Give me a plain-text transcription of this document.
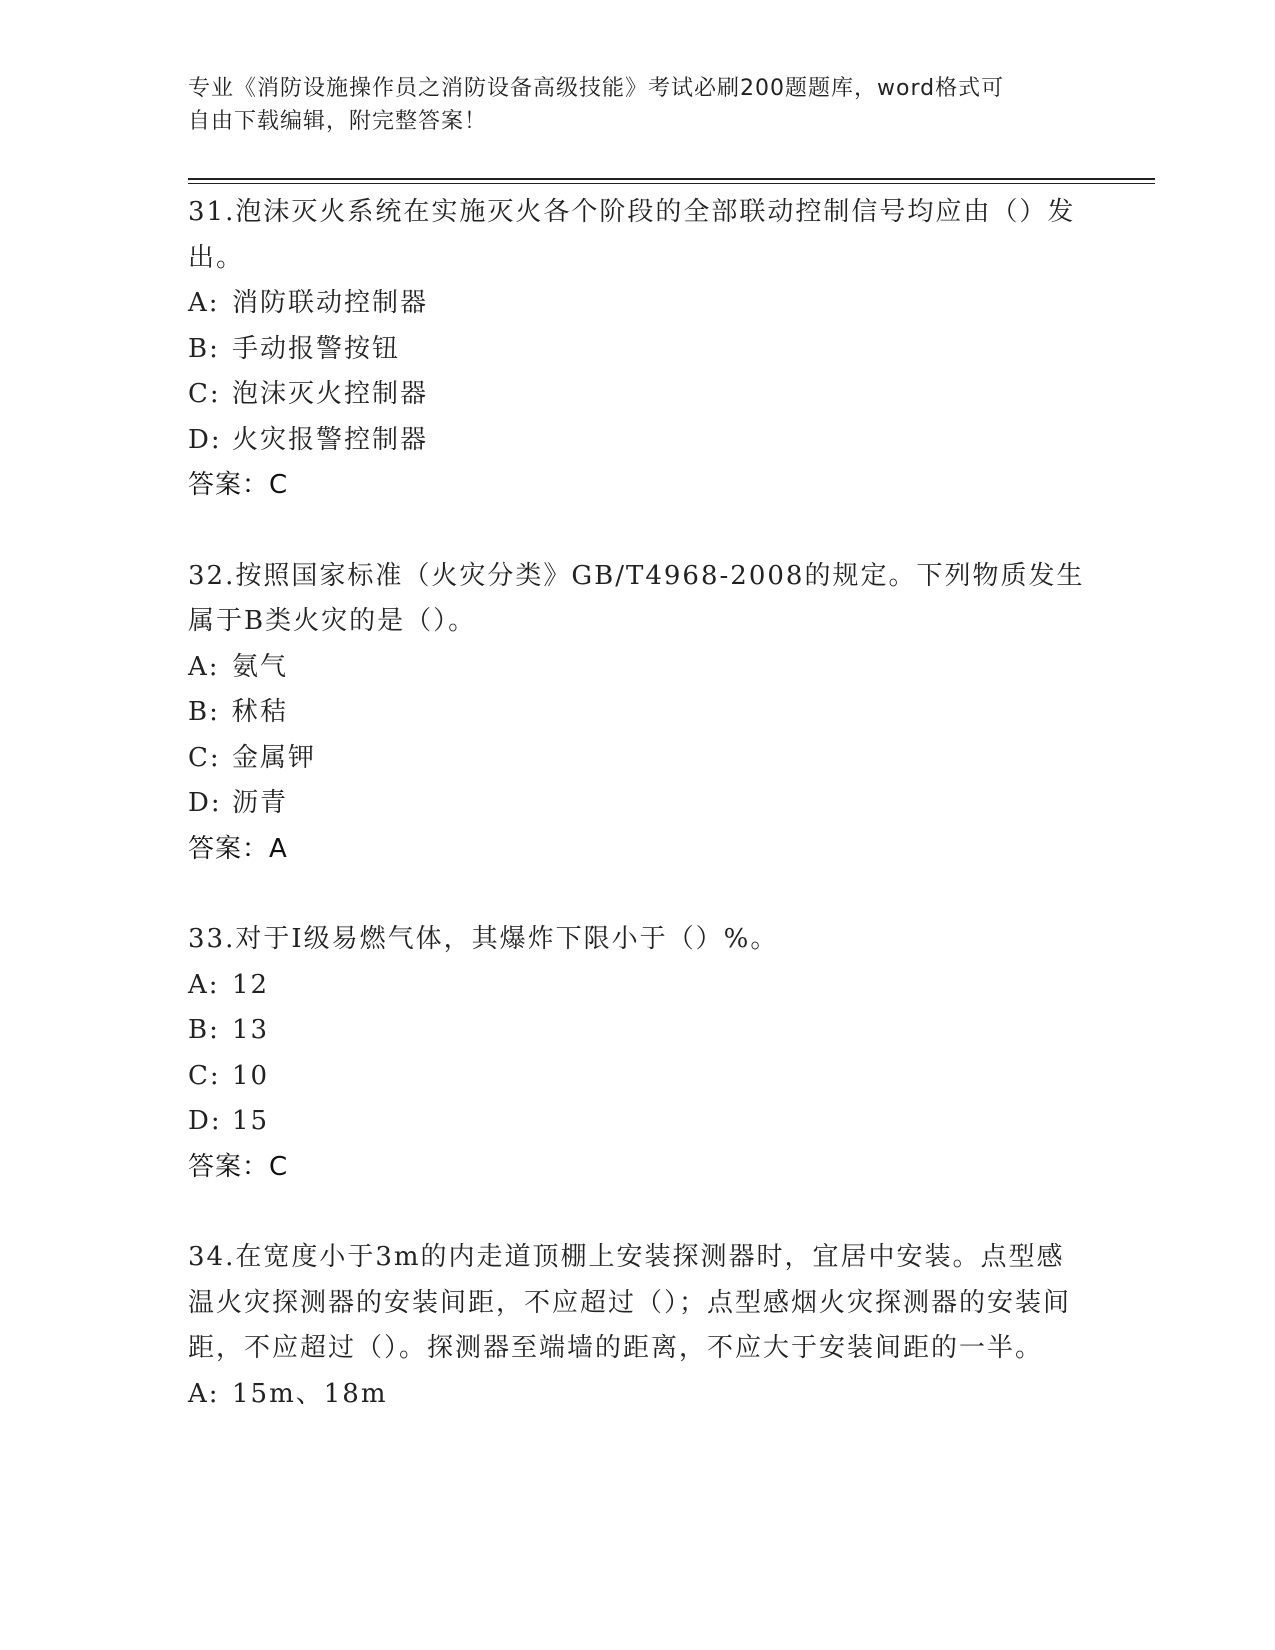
专业《消防设施操作员之消防设备高级技能》考试必刷200题题库，word格式可
自由下载编辑，附完整答案！
31.泡沫灭火系统在实施灭火各个阶段的全部联动控制信号均应由（）发出。
A: 消防联动控制器
B: 手动报警按钮
C: 泡沫灭火控制器
D: 火灾报警控制器
答案：C
32.按照国家标准（火灾分类》GB/T4968-2008的规定。下列物质发生属于B类火灾的是（）。
A: 氨气
B: 秫秸
C: 金属钾
D: 沥青
答案：A
33.对于Ⅰ级易燃气体，其爆炸下限小于（）%。
A: 12
B: 13
C: 10
D: 15
答案：C
34.在宽度小于3m的内走道顶棚上安装探测器时，宜居中安装。点型感温火灾探测器的安装间距，不应超过（）；点型感烟火灾探测器的安装间距，不应超过（）。探测器至端墙的距离，不应大于安装间距的一半。
A: 15m、18m
